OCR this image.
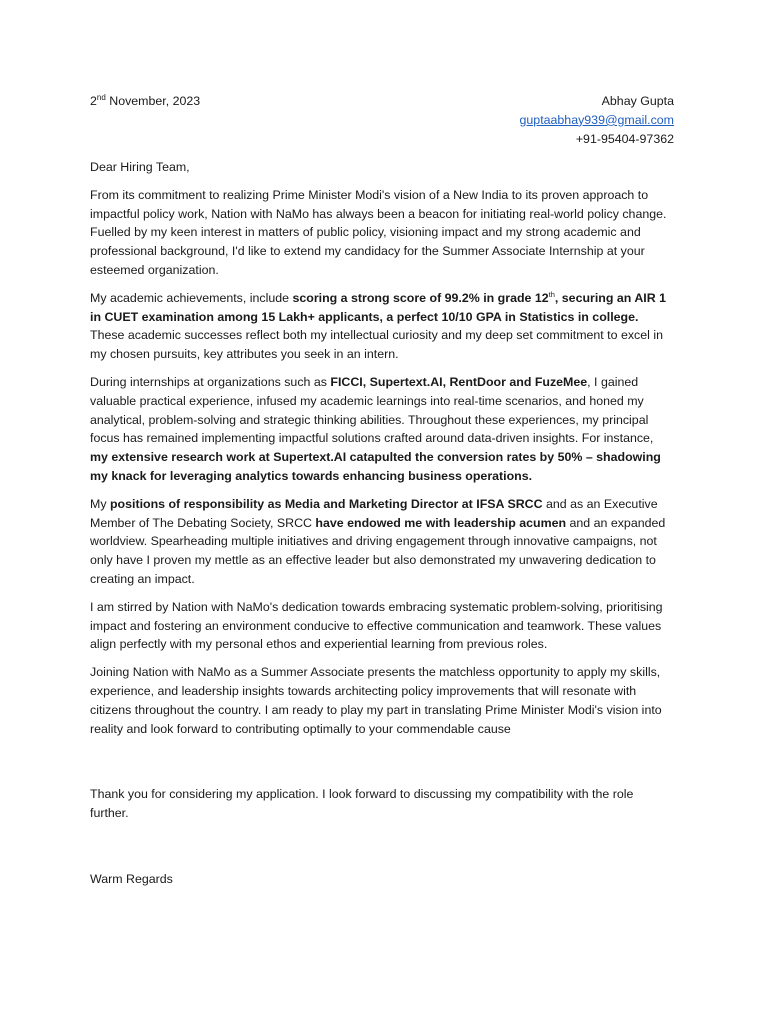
2nd November, 2023	Abhay Gupta
guptaabhay939@gmail.com
+91-95404-97362
Dear Hiring Team,

From its commitment to realizing Prime Minister Modi's vision of a New India to its proven approach to impactful policy work, Nation with NaMo has always been a beacon for initiating real-world policy change. Fuelled by my keen interest in matters of public policy, visioning impact and my strong academic and professional background, I'd like to extend my candidacy for the Summer Associate Internship at your esteemed organization.

My academic achievements, include scoring a strong score of 99.2% in grade 12th, securing an AIR 1 in CUET examination among 15 Lakh+ applicants, a perfect 10/10 GPA in Statistics in college. These academic successes reflect both my intellectual curiosity and my deep set commitment to excel in my chosen pursuits, key attributes you seek in an intern.

During internships at organizations such as FICCI, Supertext.AI, RentDoor and FuzeMee, I gained valuable practical experience, infused my academic learnings into real-time scenarios, and honed my analytical, problem-solving and strategic thinking abilities. Throughout these experiences, my principal focus has remained implementing impactful solutions crafted around data-driven insights. For instance, my extensive research work at Supertext.AI catapulted the conversion rates by 50% – shadowing my knack for leveraging analytics towards enhancing business operations.

My positions of responsibility as Media and Marketing Director at IFSA SRCC and as an Executive Member of The Debating Society, SRCC have endowed me with leadership acumen and an expanded worldview. Spearheading multiple initiatives and driving engagement through innovative campaigns, not only have I proven my mettle as an effective leader but also demonstrated my unwavering dedication to creating an impact.

I am stirred by Nation with NaMo's dedication towards embracing systematic problem-solving, prioritising impact and fostering an environment conducive to effective communication and teamwork. These values align perfectly with my personal ethos and experiential learning from previous roles.

Joining Nation with NaMo as a Summer Associate presents the matchless opportunity to apply my skills, experience, and leadership insights towards architecting policy improvements that will resonate with citizens throughout the country. I am ready to play my part in translating Prime Minister Modi's vision into reality and look forward to contributing optimally to your commendable cause

Thank you for considering my application. I look forward to discussing my compatibility with the role further.

Warm Regards
